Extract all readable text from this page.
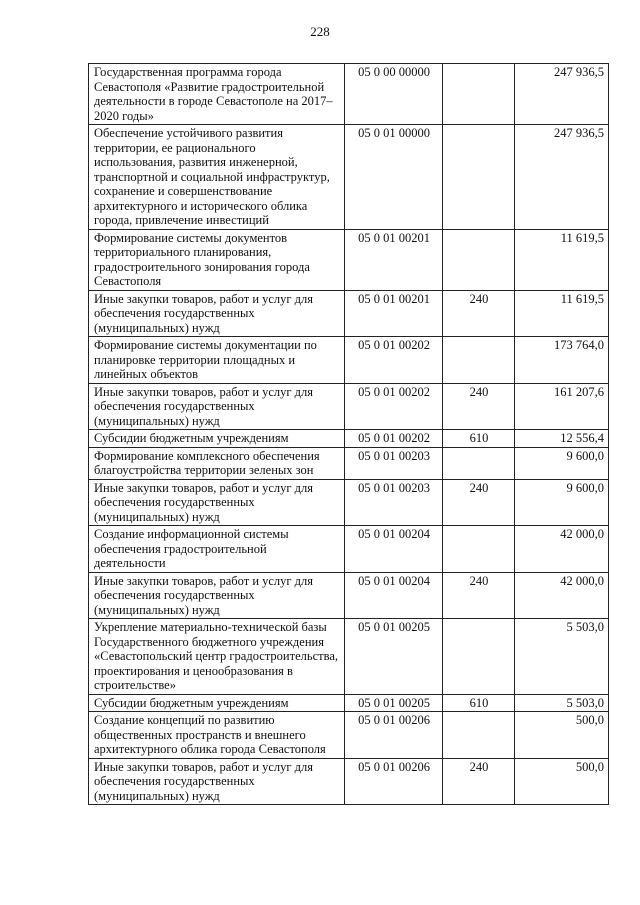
228
Государственная программа города Севастополя «Развитие градостроительной деятельности в городе Севастополе на 2017–2020 годы»	05 0 00 00000		247 936,5
Обеспечение устойчивого развития территории, ее рационального использования, развития инженерной, транспортной и социальной инфраструктур, сохранение и совершенствование архитектурного и исторического облика города, привлечение инвестиций	05 0 01 00000		247 936,5
Формирование системы документов территориального планирования, градостроительного зонирования города Севастополя	05 0 01 00201		11 619,5
Иные закупки товаров, работ и услуг для обеспечения государственных (муниципальных) нужд	05 0 01 00201	240	11 619,5
Формирование системы документации по планировке территории площадных и линейных объектов	05 0 01 00202		173 764,0
Иные закупки товаров, работ и услуг для обеспечения государственных (муниципальных) нужд	05 0 01 00202	240	161 207,6
Субсидии бюджетным учреждениям	05 0 01 00202	610	12 556,4
Формирование комплексного обеспечения благоустройства территории зеленых зон	05 0 01 00203		9 600,0
Иные закупки товаров, работ и услуг для обеспечения государственных (муниципальных) нужд	05 0 01 00203	240	9 600,0
Создание информационной системы обеспечения градостроительной деятельности	05 0 01 00204		42 000,0
Иные закупки товаров, работ и услуг для обеспечения государственных (муниципальных) нужд	05 0 01 00204	240	42 000,0
Укрепление материально-технической базы Государственного бюджетного учреждения «Севастопольский центр градостроительства, проектирования и ценообразования в строительстве»	05 0 01 00205		5 503,0
Субсидии бюджетным учреждениям	05 0 01 00205	610	5 503,0
Создание концепций по развитию общественных пространств и внешнего архитектурного облика города Севастополя	05 0 01 00206		500,0
Иные закупки товаров, работ и услуг для обеспечения государственных (муниципальных) нужд	05 0 01 00206	240	500,0
